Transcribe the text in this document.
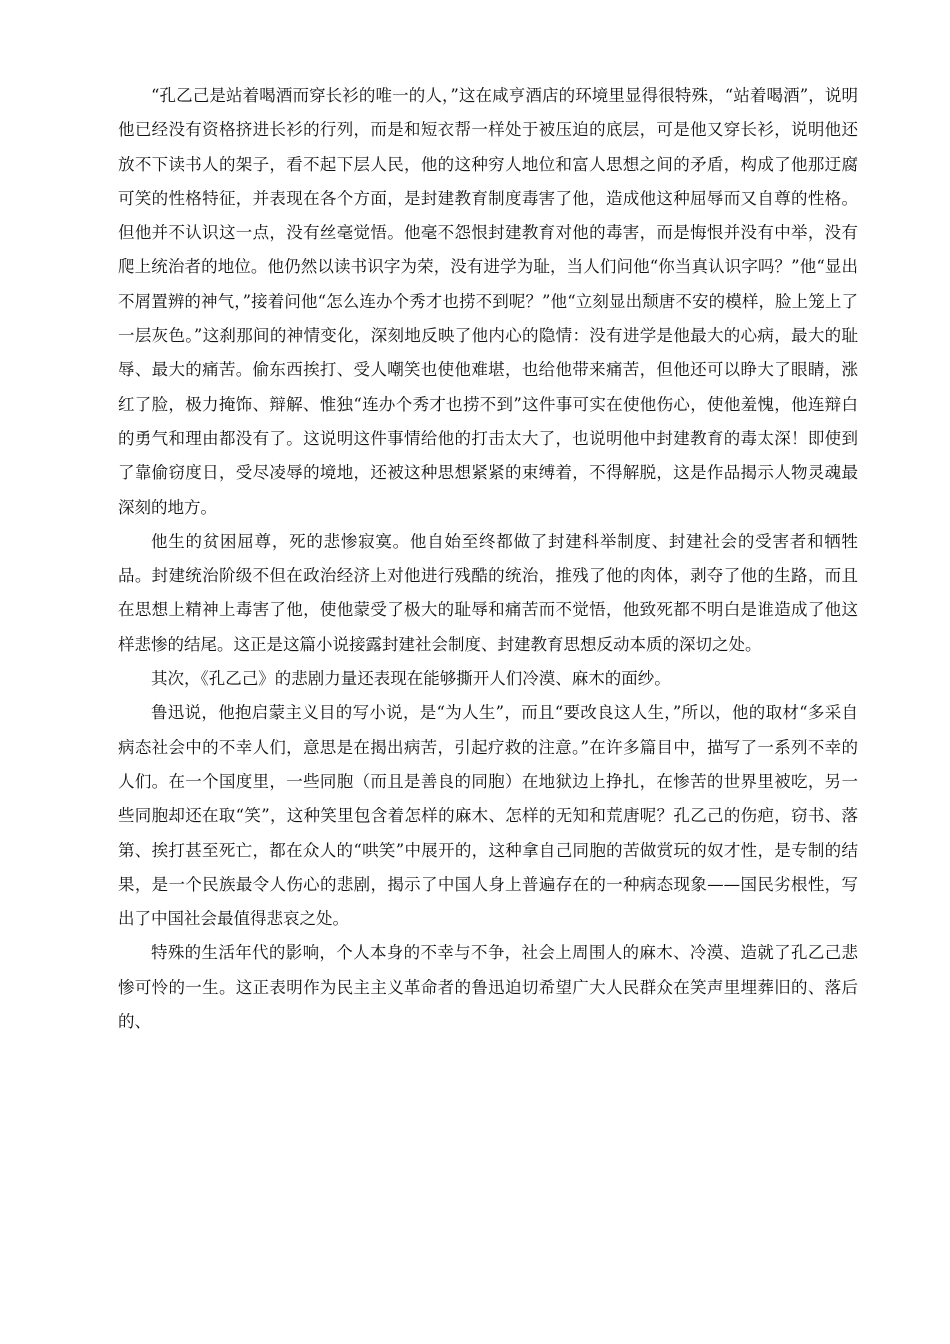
“孔乙己是站着喝酒而穿长衫的唯一的人，”这在咸亨酒店的环境里显得很特殊，“站着喝酒”，说明他已经没有资格挤进长衫的行列，而是和短衣帮一样处于被压迫的底层，可是他又穿长衫，说明他还放不下读书人的架子，看不起下层人民，他的这种穷人地位和富人思想之间的矛盾，构成了他那迂腐可笑的性格特征，并表现在各个方面，是封建教育制度毒害了他，造成他这种屈辱而又自尊的性格。但他并不认识这一点，没有丝毫觉悟。他毫不怨恨封建教育对他的毒害，而是悔恨并没有中举，没有爬上统治者的地位。他仍然以读书识字为荣，没有进学为耻，当人们问他“你当真认识字吗？”他“显出不屑置辨的神气，”接着问他“怎么连办个秀才也捞不到呢？”他“立刻显出颓唐不安的模样，脸上笼上了一层灰色。”这刹那间的神情变化，深刻地反映了他内心的隐情：没有进学是他最大的心病，最大的耻辱、最大的痛苦。偷东西挨打、受人嘲笑也使他难堪，也给他带来痛苦，但他还可以睁大了眼睛，涨红了脸，极力掩饰、辩解、惟独“连办个秀才也捞不到”这件事可实在使他伤心，使他羞愧，他连辩白的勇气和理由都没有了。这说明这件事情给他的打击太大了，也说明他中封建教育的毒太深！即使到了靠偷窃度日，受尽凌辱的境地，还被这种思想紧紧的束缚着，不得解脱，这是作品揭示人物灵魂最深刻的地方。

他生的贫困屈尊，死的悲惨寂寞。他自始至终都做了封建科举制度、封建社会的受害者和牺牲品。封建统治阶级不但在政治经济上对他进行残酷的统治，推残了他的肉体，剥夺了他的生路，而且在思想上精神上毒害了他，使他蒙受了极大的耻辱和痛苦而不觉悟，他致死都不明白是谁造成了他这样悲惨的结尾。这正是这篇小说接露封建社会制度、封建教育思想反动本质的深切之处。

其次，《孔乙己》的悲剧力量还表现在能够撕开人们冷漠、麻木的面纱。

鲁迅说，他抱启蒙主义目的写小说，是“为人生”，而且“要改良这人生，”所以，他的取材“多采自病态社会中的不幸人们，意思是在揭出病苦，引起疗救的注意。”在许多篇目中，描写了一系列不幸的人们。在一个国度里，一些同胞（而且是善良的同胞）在地狱边上挣扎，在惨苦的世界里被吃，另一些同胞却还在取“笑”，这种笑里包含着怎样的麻木、怎样的无知和荒唐呢？孔乙己的伤疤，窃书、落第、挨打甚至死亡，都在众人的“哄笑”中展开的，这种拿自己同胞的苦做赏玩的奴才性，是专制的结果，是一个民族最令人伤心的悲剧，揭示了中国人身上普遍存在的一种病态现象——国民劣根性，写出了中国社会最值得悲哀之处。

特殊的生活年代的影响，个人本身的不幸与不争，社会上周围人的麻木、冷漠、造就了孔乙己悲惨可怜的一生。这正表明作为民主主义革命者的鲁迅迫切希望广大人民群众在笑声里埋葬旧的、落后的、
